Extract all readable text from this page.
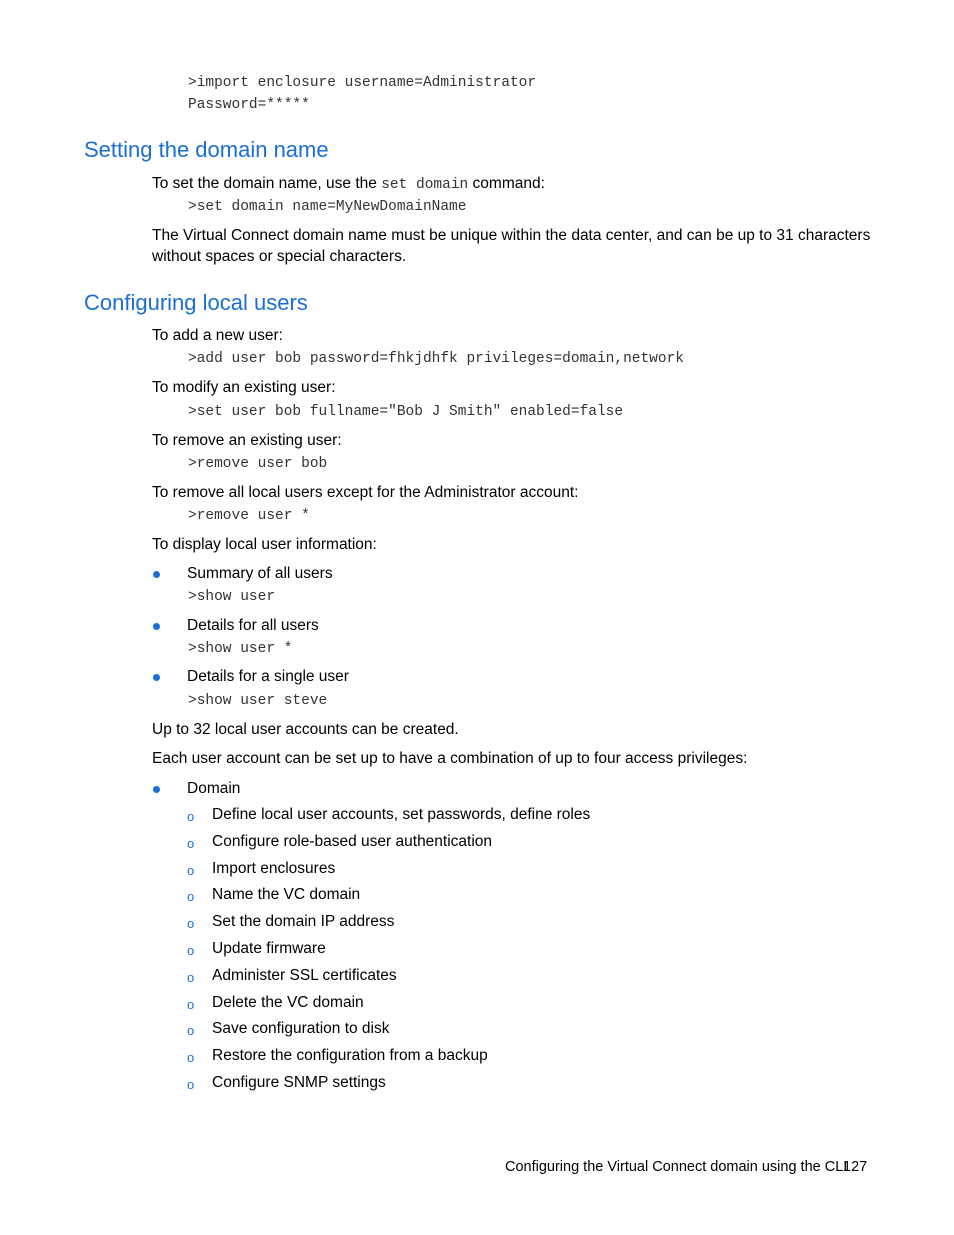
>import enclosure username=Administrator
Password=*****
Setting the domain name
To set the domain name, use the set domain command:
>set domain name=MyNewDomainName
The Virtual Connect domain name must be unique within the data center, and can be up to 31 characters
without spaces or special characters.
Configuring local users
To add a new user:
>add user bob password=fhkjdhfk privileges=domain,network
To modify an existing user:
>set user bob fullname="Bob J Smith" enabled=false
To remove an existing user:
>remove user bob
To remove all local users except for the Administrator account:
>remove user *
To display local user information:
Summary of all users
>show user
Details for all users
>show user *
Details for a single user
>show user steve
Up to 32 local user accounts can be created.
Each user account can be set up to have a combination of up to four access privileges:
Domain
o Define local user accounts, set passwords, define roles
o Configure role-based user authentication
o Import enclosures
o Name the VC domain
o Set the domain IP address
o Update firmware
o Administer SSL certificates
o Delete the VC domain
o Save configuration to disk
o Restore the configuration from a backup
o Configure SNMP settings
Configuring the Virtual Connect domain using the CLI
127
